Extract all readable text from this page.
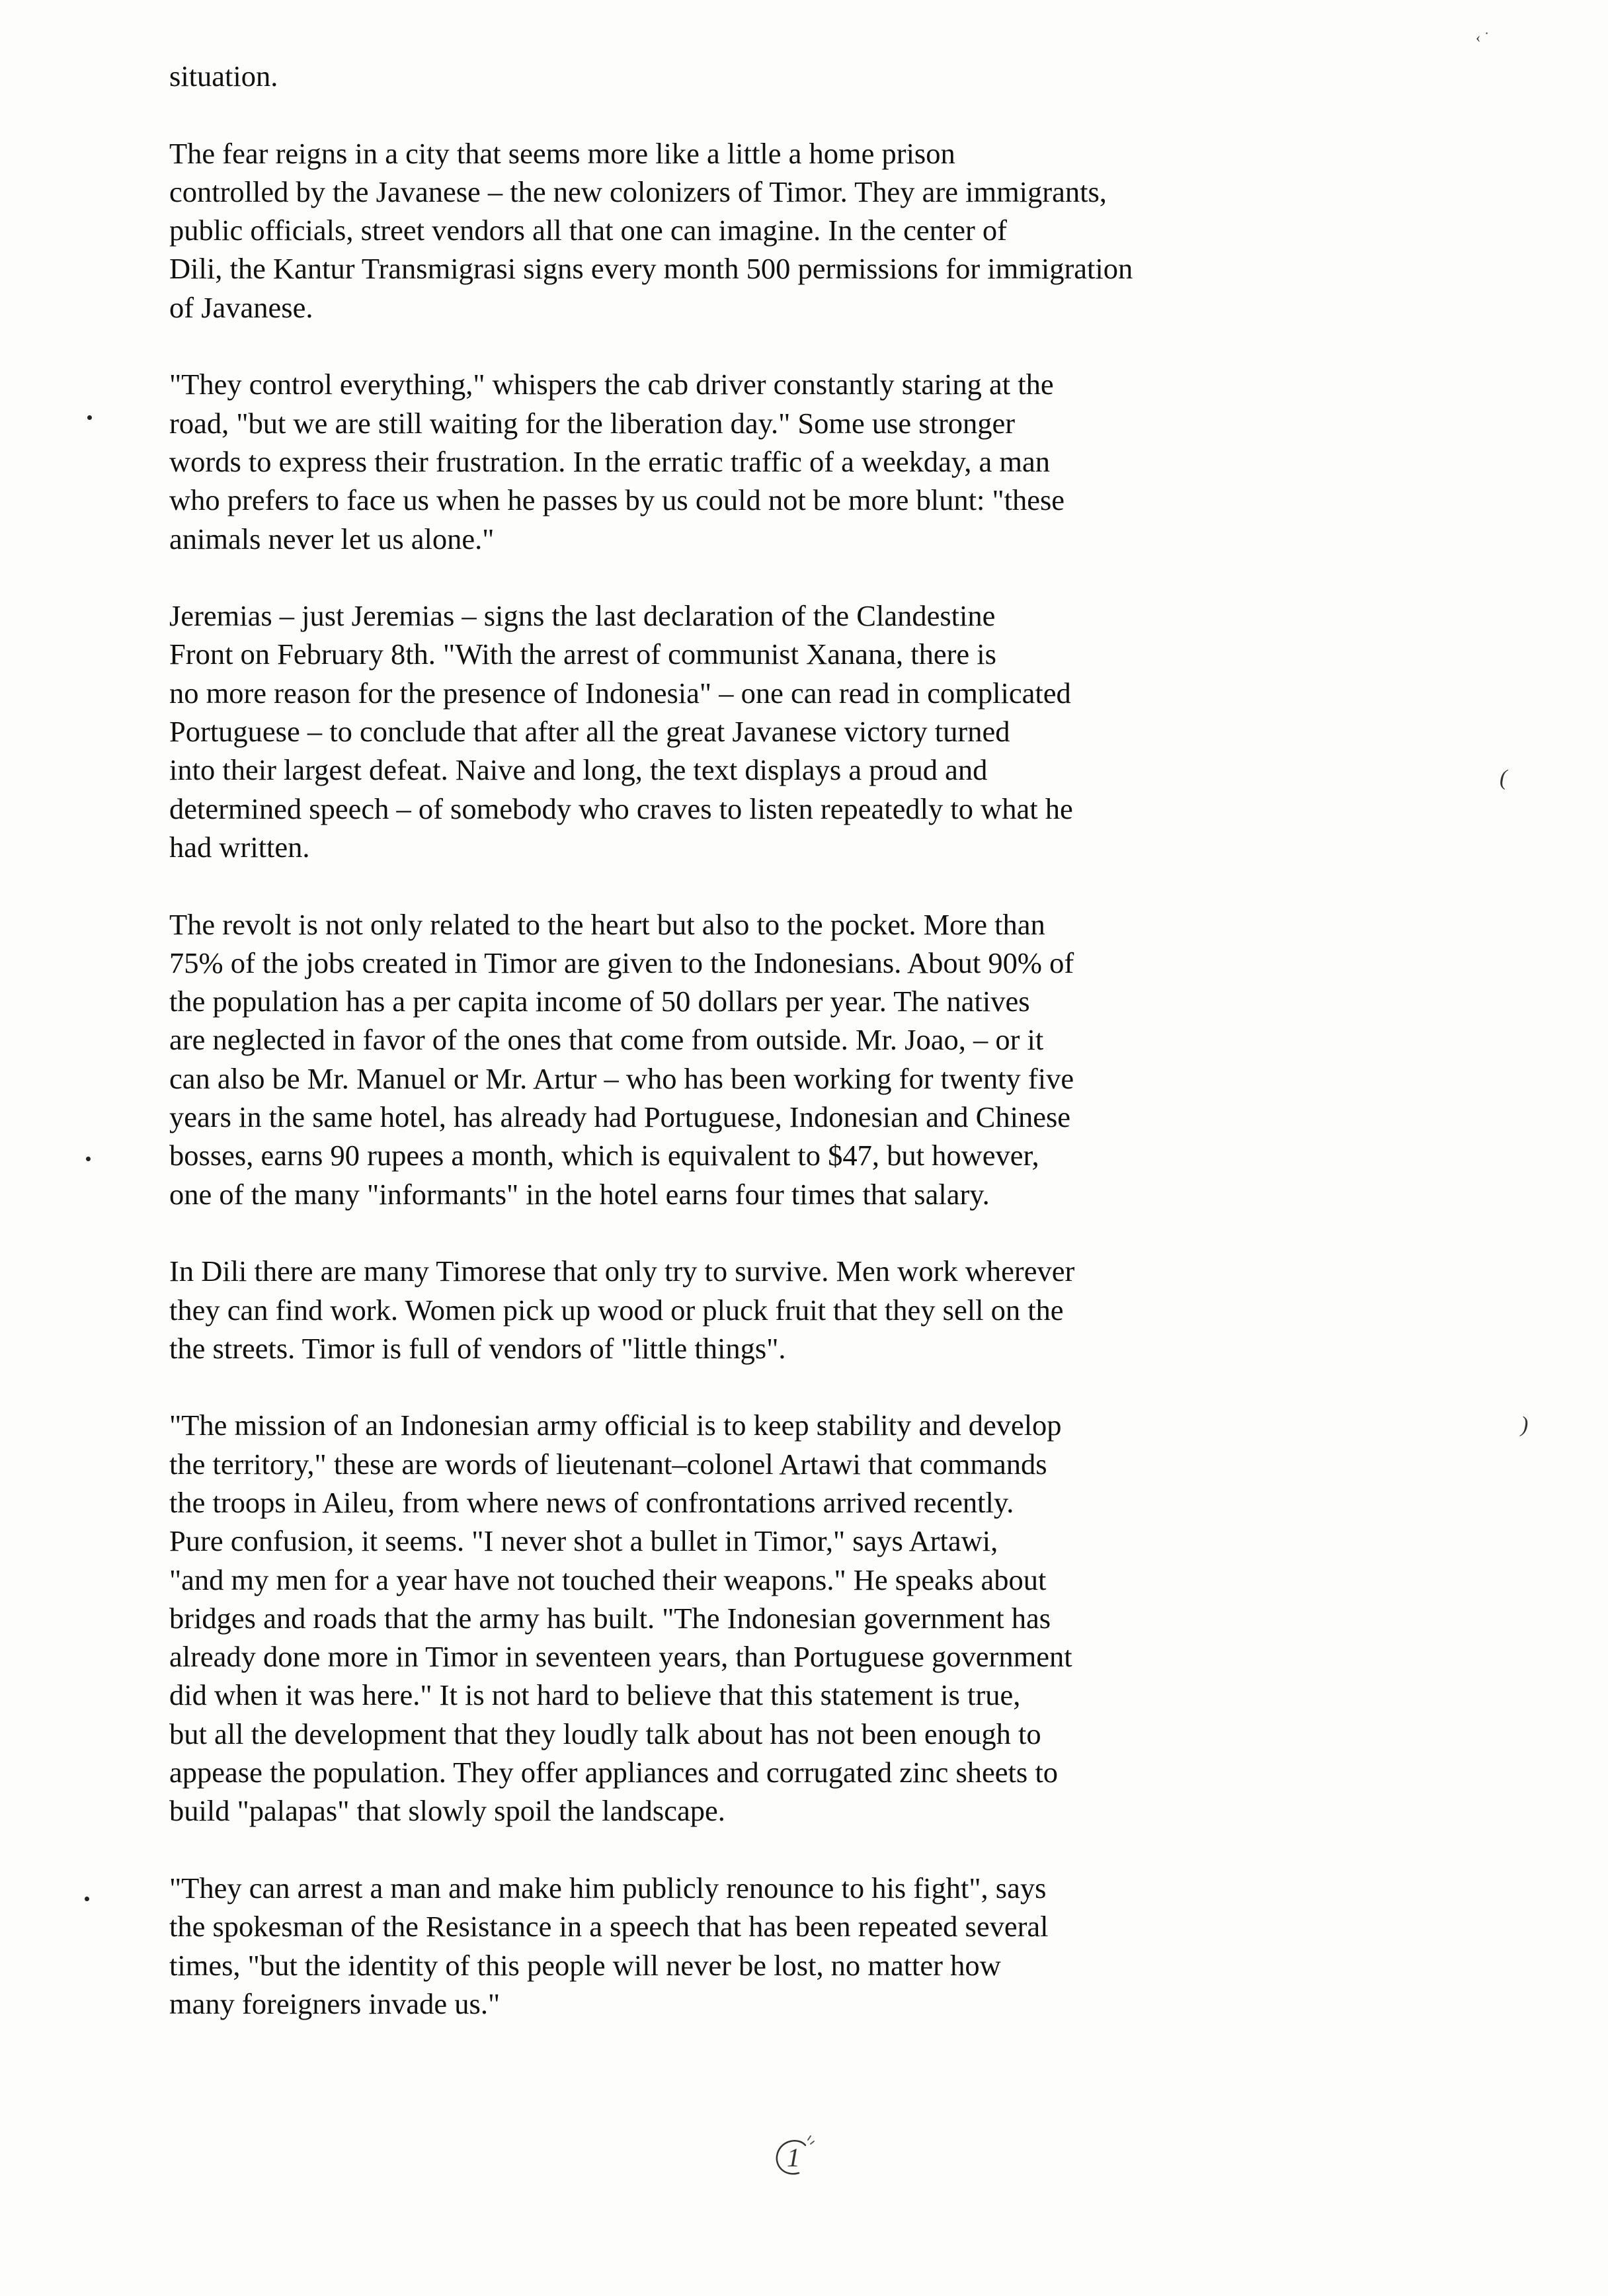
situation.
The fear reigns in a city that seems more like a little a home prison
controlled by the Javanese – the new colonizers of Timor. They are immigrants,
public officials, street vendors all that one can imagine. In the center of
Dili, the Kantur Transmigrasi signs every month 500 permissions for immigration
of Javanese.
"They control everything," whispers the cab driver constantly staring at the
road, "but we are still waiting for the liberation day." Some use stronger
words to express their frustration. In the erratic traffic of a weekday, a man
who prefers to face us when he passes by us could not be more blunt: "these
animals never let us alone."
Jeremias – just Jeremias – signs the last declaration of the Clandestine
Front on February 8th. "With the arrest of communist Xanana, there is
no more reason for the presence of Indonesia" – one can read in complicated
Portuguese – to conclude that after all the great Javanese victory turned
into their largest defeat. Naive and long, the text displays a proud and
determined speech – of somebody who craves to listen repeatedly to what he
had written.
The revolt is not only related to the heart but also to the pocket. More than
75% of the jobs created in Timor are given to the Indonesians. About 90% of
the population has a per capita income of 50 dollars per year. The natives
are neglected in favor of the ones that come from outside. Mr. Joao, – or it
can also be Mr. Manuel or Mr. Artur – who has been working for twenty five
years in the same hotel, has already had Portuguese, Indonesian and Chinese
bosses, earns 90 rupees a month, which is equivalent to $47, but however,
one of the many "informants" in the hotel earns four times that salary.
In Dili there are many Timorese that only try to survive. Men work wherever
they can find work. Women pick up wood or pluck fruit that they sell on the
the streets. Timor is full of vendors of "little things".
"The mission of an Indonesian army official is to keep stability and develop
the territory," these are words of lieutenant–colonel Artawi that commands
the troops in Aileu, from where news of confrontations arrived recently.
Pure confusion, it seems. "I never shot a bullet in Timor," says Artawi,
"and my men for a year have not touched their weapons." He speaks about
bridges and roads that the army has built. "The Indonesian government has
already done more in Timor in seventeen years, than Portuguese government
did when it was here." It is not hard to believe that this statement is true,
but all the development that they loudly talk about has not been enough to
appease the population. They offer appliances and corrugated zinc sheets to
build "palapas" that slowly spoil the landscape.
"They can arrest a man and make him publicly renounce to his fight", says
the spokesman of the Resistance in a speech that has been repeated several
times, "but the identity of this people will never be lost, no matter how
many foreigners invade us."
‹ ˙
(
)
1
